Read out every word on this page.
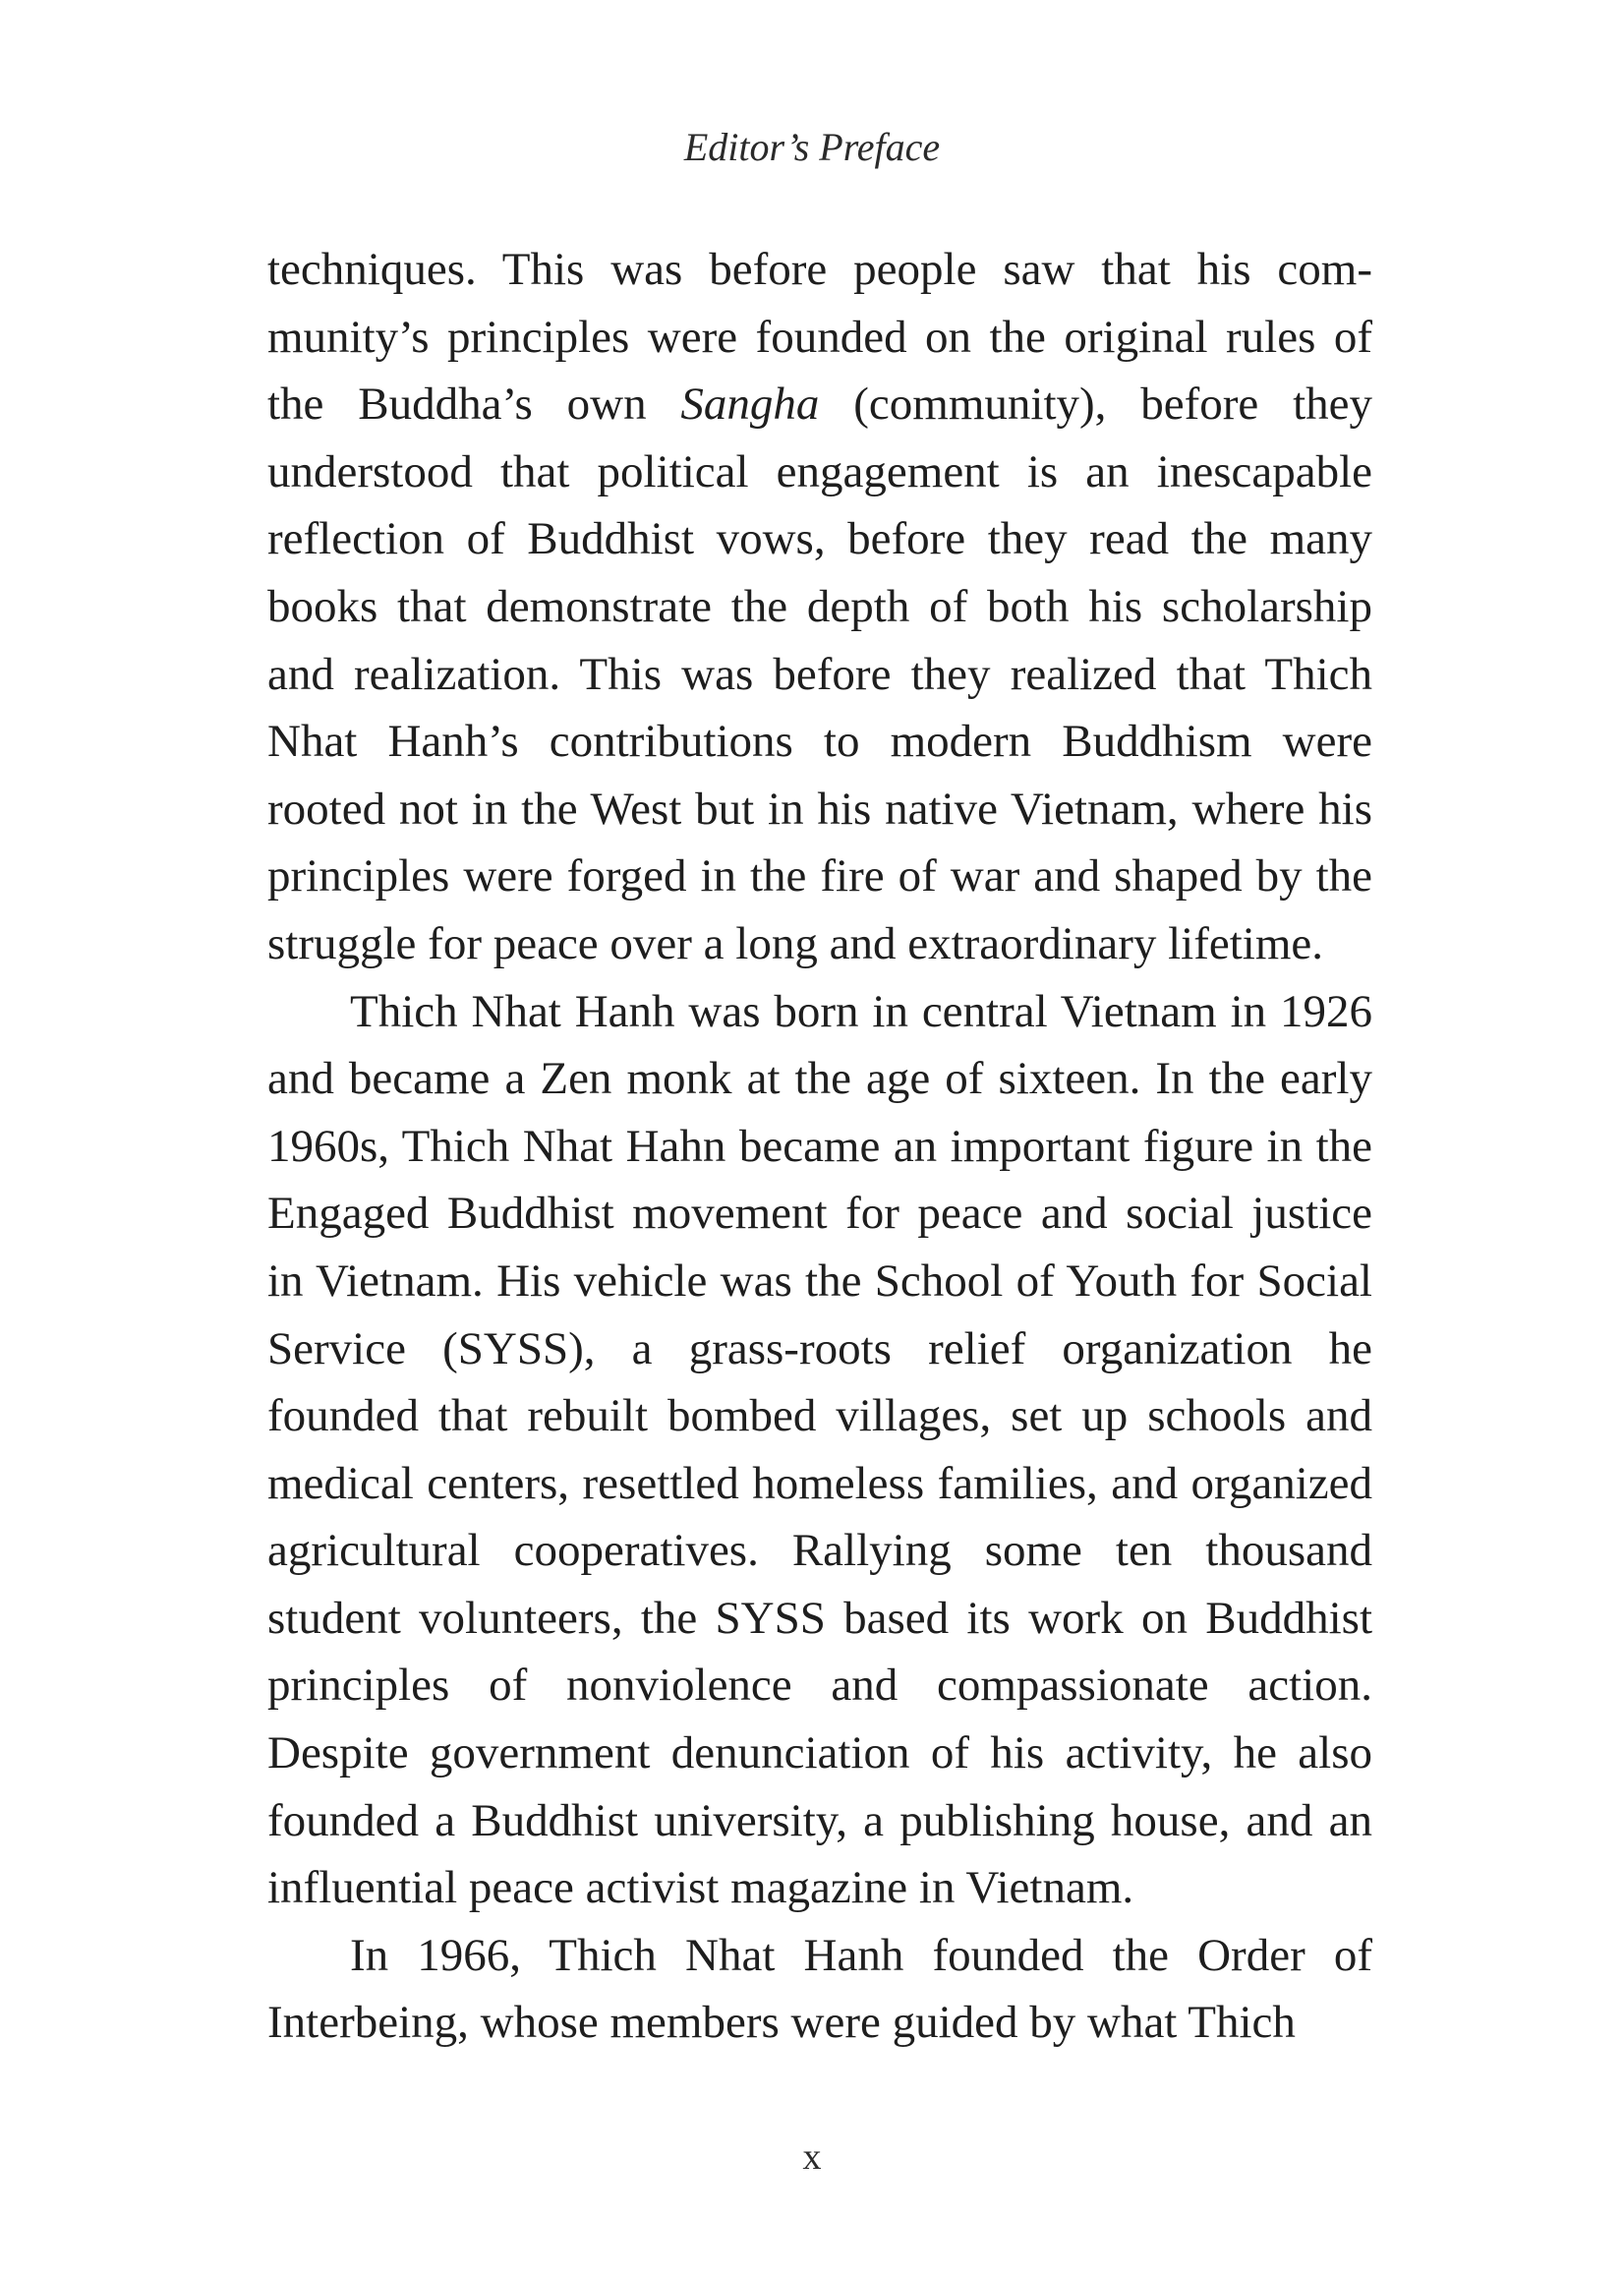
Editor’s Preface

techniques. This was before people saw that his community’s principles were founded on the original rules of the Buddha’s own Sangha (community), before they understood that political engagement is an inescapable reflection of Buddhist vows, before they read the many books that demonstrate the depth of both his scholarship and realization. This was before they realized that Thich Nhat Hanh’s contributions to modern Buddhism were rooted not in the West but in his native Vietnam, where his principles were forged in the fire of war and shaped by the struggle for peace over a long and extraordinary lifetime.

Thich Nhat Hanh was born in central Vietnam in 1926 and became a Zen monk at the age of sixteen. In the early 1960s, Thich Nhat Hahn became an important figure in the Engaged Buddhist movement for peace and social justice in Vietnam. His vehicle was the School of Youth for Social Service (SYSS), a grass-roots relief organization he founded that rebuilt bombed villages, set up schools and medical centers, resettled homeless families, and organized agricultural cooperatives. Rallying some ten thousand student volunteers, the SYSS based its work on Buddhist principles of nonviolence and compassionate action. Despite government denunciation of his activity, he also founded a Buddhist university, a publishing house, and an influential peace activist magazine in Vietnam.

In 1966, Thich Nhat Hanh founded the Order of Interbeing, whose members were guided by what Thich

x
